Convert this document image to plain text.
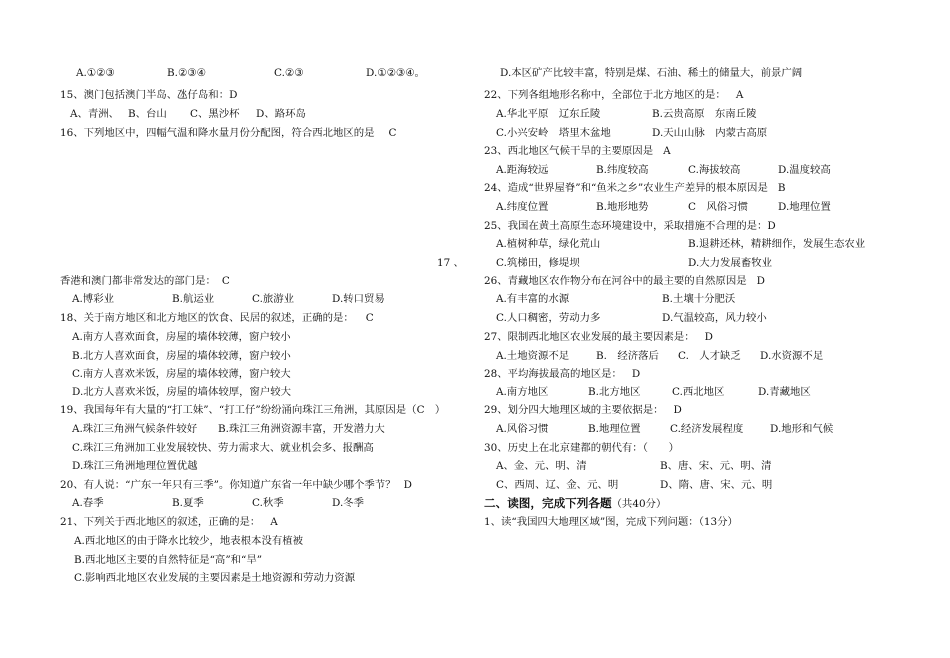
A.①②③	B.②③④	C.②③	D.①②③④。
15、澳门包括澳门半岛、氹仔岛和：D
A、青洲、 B、台山 C、黑沙杯 D、路环岛
16、下列地区中，四幅气温和降水量月份分配图，符合西北地区的是 C
香港和澳门都非常发达的部门是： C
A.博彩业	B.航运业	C.旅游业	D.转口贸易
18、关于南方地区和北方地区的饮食、民居的叙述，正确的是： C
A.南方人喜欢面食，房屋的墙体较薄，窗户较小
B.北方人喜欢面食，房屋的墙体较薄，窗户较小
C.南方人喜欢米饭，房屋的墙体较薄，窗户较大
D.北方人喜欢米饭，房屋的墙体较厚，窗户较大
19、我国每年有大量的“打工妹”、“打工仔”纷纷涌向珠江三角洲，其原因是（C　）
A.珠江三角洲气候条件较好 B.珠江三角洲资源丰富，开发潜力大
C.珠江三角洲加工业发展较快、劳力需求大、就业机会多、报酬高
D.珠江三角洲地理位置优越
20、有人说：“广东一年只有三季”。你知道广东省一年中缺少哪个季节？ D
A.春季	B.夏季	C.秋季	D.冬季
21、下列关于西北地区的叙述，正确的是： A
A.西北地区的由于降水比较少，地表根本没有植被
B.西北地区主要的自然特征是“高”和“旱”
C.影响西北地区农业发展的主要因素是土地资源和劳动力资源
17 、
D.本区矿产比较丰富，特别是煤、石油、稀土的储量大，前景广阔
22、下列各组地形名称中，全部位于北方地区的是： A
A.华北平原　辽东丘陵	B.云贵高原　东南丘陵
C.小兴安岭　塔里木盆地	D.天山山脉　内蒙古高原
23、西北地区气候干旱的主要原因是 A
A.距海较远	B.纬度较高	C.海拔较高	D.温度较高
24、造成“世界屋脊”和“鱼米之乡”农业生产差异的根本原因是 B
A.纬度位置	B.地形地势	C　风俗习惯	D.地理位置
25、我国在黄土高原生态环境建设中，采取措施不合理的是：D
A.植树种草，绿化荒山	B.退耕还林，精耕细作，发展生态农业
C.筑梯田，修堤坝	D.大力发展畜牧业
26、青藏地区农作物分布在河谷中的最主要的自然原因是 D
A.有丰富的水源	B.土壤十分肥沃
C.人口稠密，劳动力多	D.气温较高，风力较小
27、限制西北地区农业发展的最主要因素是： D
A.土地资源不足	B.　经济落后 C.　人才缺乏 D.水资源不足
28、平均海拔最高的地区是： D
A.南方地区	B.北方地区	C.西北地区	D.青藏地区
29、划分四大地理区域的主要依据是： D
A.风俗习惯	B.地理位置	C.经济发展程度	D.地形和气候
30、历史上在北京建都的朝代有：（　　）
A、金、元、明、清	B、唐、宋、元、明、清
C、西周、辽、金、元、明	D、隋、唐、宋、元、明
二、读图，完成下列各题（共40分）
1、读“我国四大地理区域”图，完成下列问题：（13分）
